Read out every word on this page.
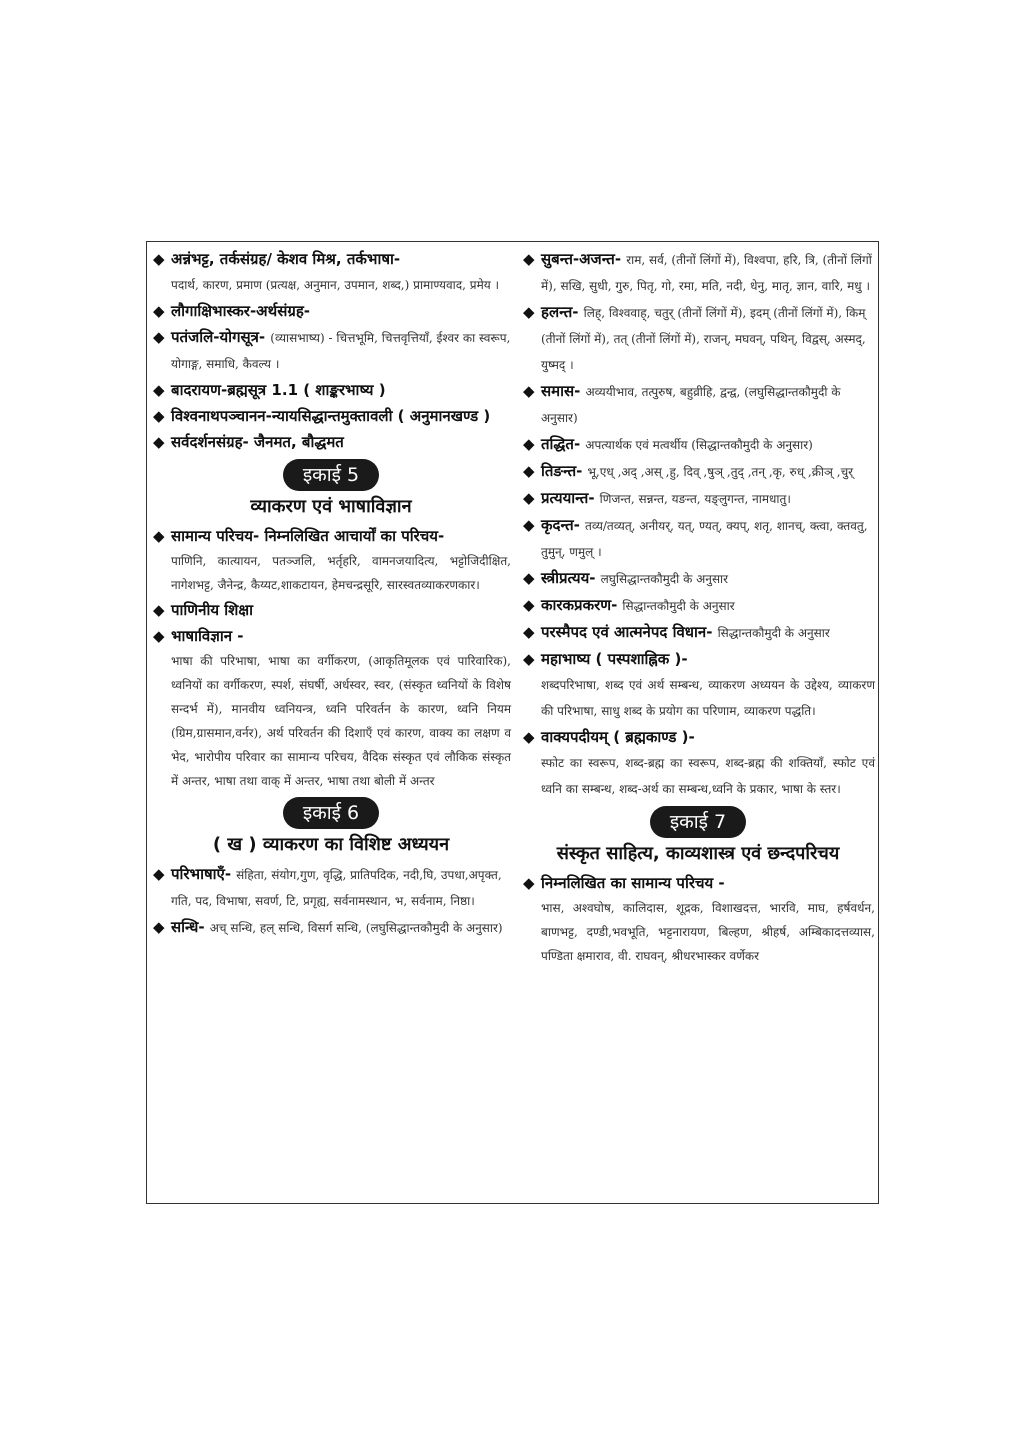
◆ अन्नंभट्ट, तर्कसंग्रह/ केशव मिश्र, तर्कभाषा-
पदार्थ, कारण, प्रमाण (प्रत्यक्ष, अनुमान, उपमान, शब्द,) प्रामाण्यवाद, प्रमेय ।
◆ लौगाक्षिभास्कर-अर्थसंग्रह-
◆ पतंजलि-योगसूत्र- (व्यासभाष्य) - चित्तभूमि, चित्तवृत्तियाँ, ईश्वर का स्वरूप, योगाङ्ग, समाधि, कैवल्य ।
◆ बादरायण-ब्रह्मसूत्र 1.1 ( शाङ्करभाष्य )
◆ विश्वनाथपञ्चानन-न्यायसिद्धान्तमुक्तावली ( अनुमानखण्ड )
◆ सर्वदर्शनसंग्रह- जैनमत, बौद्धमत
इकाई 5
व्याकरण एवं भाषाविज्ञान
◆ सामान्य परिचय- निम्नलिखित आचार्यों का परिचय-
पाणिनि, कात्यायन, पतञ्जलि, भर्तृहरि, वामनजयादित्य, भट्टोजिदीक्षित, नागेशभट्ट, जैनेन्द्र, कैय्यट,शाकटायन, हेमचन्द्रसूरि, सारस्वतव्याकरणकार।
◆ पाणिनीय शिक्षा
◆ भाषाविज्ञान -
भाषा की परिभाषा, भाषा का वर्गीकरण, (आकृतिमूलक एवं पारिवारिक), ध्वनियों का वर्गीकरण, स्पर्श, संघर्षी, अर्धस्वर, स्वर, (संस्कृत ध्वनियों के विशेष सन्दर्भ में), मानवीय ध्वनियन्त्र, ध्वनि परिवर्तन के कारण, ध्वनि नियम (ग्रिम,ग्रासमान,वर्नर), अर्थ परिवर्तन की दिशाएँ एवं कारण, वाक्य का लक्षण व भेद, भारोपीय परिवार का सामान्य परिचय, वैदिक संस्कृत एवं लौकिक संस्कृत में अन्तर, भाषा तथा वाक् में अन्तर, भाषा तथा बोली में अन्तर
इकाई 6
( ख ) व्याकरण का विशिष्ट अध्ययन
◆ परिभाषाएँ- संहिता, संयोग,गुण, वृद्धि, प्रातिपदिक, नदी,घि, उपधा,अपृक्त, गति, पद, विभाषा, सवर्ण, टि, प्रगृह्य, सर्वनामस्थान, भ, सर्वनाम, निष्ठा।
◆ सन्धि- अच् सन्धि, हल् सन्धि, विसर्ग सन्धि, (लघुसिद्धान्तकौमुदी के अनुसार)
◆ सुबन्त-अजन्त- राम, सर्व, (तीनों लिंगों में), विश्वपा, हरि, त्रि, (तीनों लिंगों में), सखि, सुधी, गुरु, पितृ, गो, रमा, मति, नदी, धेनु, मातृ, ज्ञान, वारि, मधु ।
◆ हलन्त- लिह्, विश्ववाह्, चतुर् (तीनों लिंगों में), इदम् (तीनों लिंगों में), किम् (तीनों लिंगों में), तत् (तीनों लिंगों में), राजन्, मघवन्, पथिन्, विद्वस्, अस्मद्, युष्मद् ।
◆ समास- अव्ययीभाव, तत्पुरुष, बहुव्रीहि, द्वन्द्व, (लघुसिद्धान्तकौमुदी के अनुसार)
◆ तद्धित- अपत्यार्थक एवं मत्वर्थीय (सिद्धान्तकौमुदी के अनुसार)
◆ तिङन्त- भू,एध् ,अद् ,अस् ,हु, दिव् ,षुञ् ,तुद् ,तन् ,कृ, रुध् ,क्रीञ् ,चुर्
◆ प्रत्ययान्त- णिजन्त, सन्नन्त, यङन्त, यङ्लुगन्त, नामधातु।
◆ कृदन्त- तव्य/तव्यत्, अनीयर्, यत्, ण्यत्, क्यप्, शतृ, शानच्, क्त्वा, क्तवतु, तुमुन्, णमुल् ।
◆ स्त्रीप्रत्यय- लघुसिद्धान्तकौमुदी के अनुसार
◆ कारकप्रकरण- सिद्धान्तकौमुदी के अनुसार
◆ परस्मैपद एवं आत्मनेपद विधान- सिद्धान्तकौमुदी के अनुसार
◆ महाभाष्य ( पस्पशाह्निक )-
शब्दपरिभाषा, शब्द एवं अर्थ सम्बन्ध, व्याकरण अध्ययन के उद्देश्य, व्याकरण की परिभाषा, साधु शब्द के प्रयोग का परिणाम, व्याकरण पद्धति।
◆ वाक्यपदीयम् ( ब्रह्मकाण्ड )-
स्फोट का स्वरूप, शब्द-ब्रह्म का स्वरूप, शब्द-ब्रह्म की शक्तियाँ, स्फोट एवं ध्वनि का सम्बन्ध, शब्द-अर्थ का सम्बन्ध,ध्वनि के प्रकार, भाषा के स्तर।
इकाई 7
संस्कृत साहित्य, काव्यशास्त्र एवं छन्दपरिचय
◆ निम्नलिखित का सामान्य परिचय -
भास, अश्वघोष, कालिदास, शूद्रक, विशाखदत्त, भारवि, माघ, हर्षवर्धन, बाणभट्ट, दण्डी,भवभूति, भट्टनारायण, बिल्हण, श्रीहर्ष, अम्बिकादत्तव्यास, पण्डिता क्षमाराव, वी. राघवन्, श्रीधरभास्कर वर्णेकर
